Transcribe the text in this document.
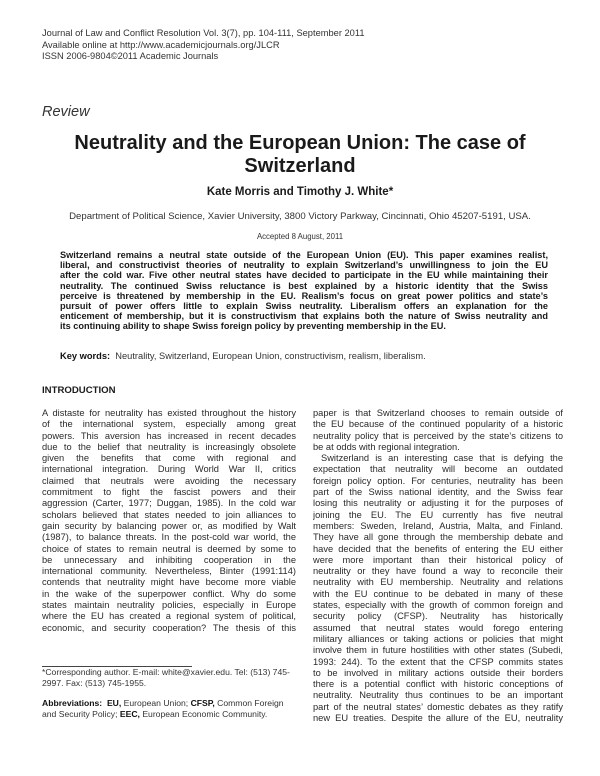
Journal of Law and Conflict Resolution Vol. 3(7), pp. 104-111, September 2011
Available online at http://www.academicjournals.org/JLCR
ISSN 2006-9804©2011 Academic Journals
Review
Neutrality and the European Union: The case of
Switzerland
Kate Morris and Timothy J. White*
Department of Political Science, Xavier University, 3800 Victory Parkway, Cincinnati, Ohio 45207-5191, USA.
Accepted 8 August, 2011
Switzerland remains a neutral state outside of the European Union (EU). This paper examines realist,
liberal, and constructivist theories of neutrality to explain Switzerland’s unwillingness to join the EU
after the cold war. Five other neutral states have decided to participate in the EU while maintaining their
neutrality. The continued Swiss reluctance is best explained by a historic identity that the Swiss
perceive is threatened by membership in the EU. Realism’s focus on great power politics and state’s
pursuit of power offers little to explain Swiss neutrality. Liberalism offers an explanation for the
enticement of membership, but it is constructivism that explains both the nature of Swiss neutrality and
its continuing ability to shape Swiss foreign policy by preventing membership in the EU.
Key words: Neutrality, Switzerland, European Union, constructivism, realism, liberalism.
INTRODUCTION
A distaste for neutrality has existed throughout the history
of the international system, especially among great
powers. This aversion has increased in recent decades
due to the belief that neutrality is increasingly obsolete
given the benefits that come with regional and
international integration. During World War II, critics
claimed that neutrals were avoiding the necessary
commitment to fight the fascist powers and their
aggression (Carter, 1977; Duggan, 1985). In the cold war
scholars believed that states needed to join alliances to
gain security by balancing power or, as modified by Walt
(1987), to balance threats. In the post-cold war world, the
choice of states to remain neutral is deemed by some to
be unnecessary and inhibiting cooperation in the
international community. Nevertheless, Binter (1991:114)
contends that neutrality might have become more viable
in the wake of the superpower conflict. Why do some
states maintain neutrality policies, especially in Europe
where the EU has created a regional system of political,
economic, and security cooperation? The thesis of this
paper is that Switzerland chooses to remain outside of
the EU because of the continued popularity of a historic
neutrality policy that is perceived by the state’s citizens to
be at odds with regional integration.
Switzerland is an interesting case that is defying the
expectation that neutrality will become an outdated
foreign policy option. For centuries, neutrality has been
part of the Swiss national identity, and the Swiss fear
losing this neutrality or adjusting it for the purposes of
joining the EU. The EU currently has five neutral
members: Sweden, Ireland, Austria, Malta, and Finland.
They have all gone through the membership debate and
have decided that the benefits of entering the EU either
were more important than their historical policy of
neutrality or they have found a way to reconcile their
neutrality with EU membership. Neutrality and relations
with the EU continue to be debated in many of these
states, especially with the growth of common foreign and
security policy (CFSP). Neutrality has historically
assumed that neutral states would forego entering
military alliances or taking actions or policies that might
involve them in future hostilities with other states (Subedi,
1993: 244). To the extent that the CFSP commits states
to be involved in military actions outside their borders
there is a potential conflict with historic conceptions of
neutrality. Neutrality thus continues to be an important
part of the neutral states’ domestic debates as they ratify
new EU treaties. Despite the allure of the EU, neutrality
*Corresponding author. E-mail: white@xavier.edu. Tel: (513) 745-2997. Fax: (513) 745-1955.
Abbreviations: EU, European Union; CFSP, Common Foreign and Security Policy; EEC, European Economic Community.
